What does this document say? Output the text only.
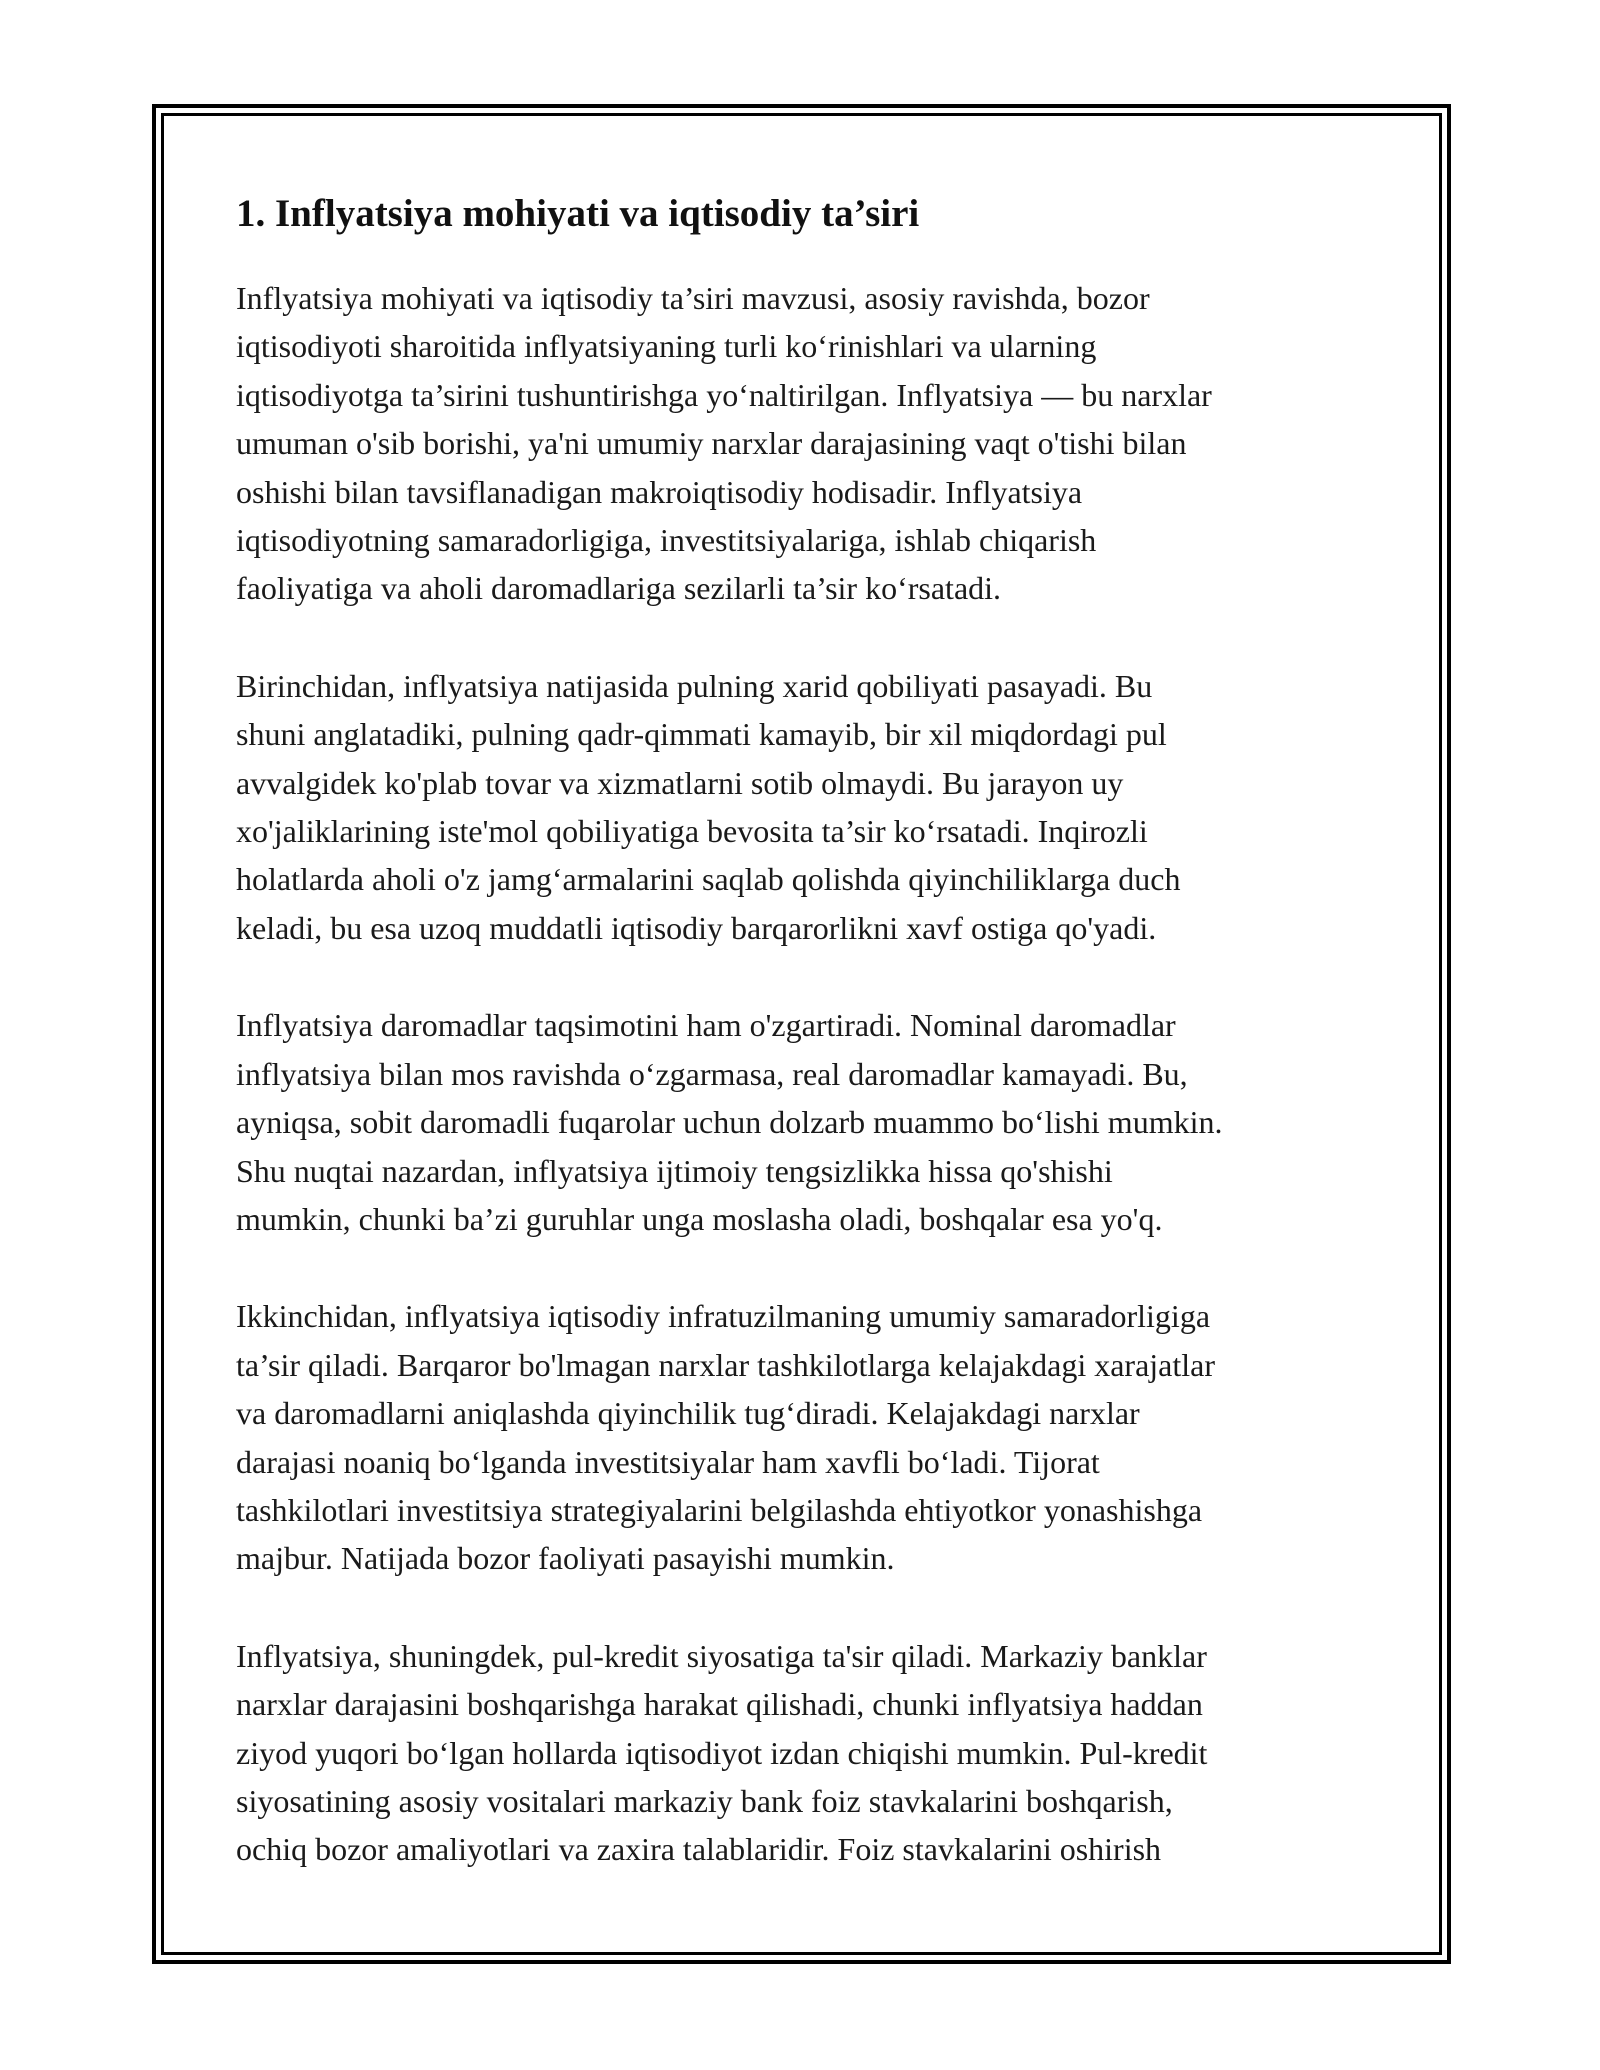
1. Inflyatsiya mohiyati va iqtisodiy ta’siri

Inflyatsiya mohiyati va iqtisodiy ta’siri mavzusi, asosiy ravishda, bozor
iqtisodiyoti sharoitida inflyatsiyaning turli ko‘rinishlari va ularning
iqtisodiyotga ta’sirini tushuntirishga yo‘naltirilgan. Inflyatsiya — bu narxlar
umuman o'sib borishi, ya'ni umumiy narxlar darajasining vaqt o'tishi bilan
oshishi bilan tavsiflanadigan makroiqtisodiy hodisadir. Inflyatsiya
iqtisodiyotning samaradorligiga, investitsiyalariga, ishlab chiqarish
faoliyatiga va aholi daromadlariga sezilarli ta’sir ko‘rsatadi.

Birinchidan, inflyatsiya natijasida pulning xarid qobiliyati pasayadi. Bu
shuni anglatadiki, pulning qadr-qimmati kamayib, bir xil miqdordagi pul
avvalgidek ko'plab tovar va xizmatlarni sotib olmaydi. Bu jarayon uy
xo'jaliklarining iste'mol qobiliyatiga bevosita ta’sir ko‘rsatadi. Inqirozli
holatlarda aholi o'z jamg‘armalarini saqlab qolishda qiyinchiliklarga duch
keladi, bu esa uzoq muddatli iqtisodiy barqarorlikni xavf ostiga qo'yadi.

Inflyatsiya daromadlar taqsimotini ham o'zgartiradi. Nominal daromadlar
inflyatsiya bilan mos ravishda o‘zgarmasa, real daromadlar kamayadi. Bu,
ayniqsa, sobit daromadli fuqarolar uchun dolzarb muammo bo‘lishi mumkin.
Shu nuqtai nazardan, inflyatsiya ijtimoiy tengsizlikka hissa qo'shishi
mumkin, chunki ba’zi guruhlar unga moslasha oladi, boshqalar esa yo'q.

Ikkinchidan, inflyatsiya iqtisodiy infratuzilmaning umumiy samaradorligiga
ta’sir qiladi. Barqaror bo'lmagan narxlar tashkilotlarga kelajakdagi xarajatlar
va daromadlarni aniqlashda qiyinchilik tug‘diradi. Kelajakdagi narxlar
darajasi noaniq bo‘lganda investitsiyalar ham xavfli bo‘ladi. Tijorat
tashkilotlari investitsiya strategiyalarini belgilashda ehtiyotkor yonashishga
majbur. Natijada bozor faoliyati pasayishi mumkin.

Inflyatsiya, shuningdek, pul-kredit siyosatiga ta'sir qiladi. Markaziy banklar
narxlar darajasini boshqarishga harakat qilishadi, chunki inflyatsiya haddan
ziyod yuqori bo‘lgan hollarda iqtisodiyot izdan chiqishi mumkin. Pul-kredit
siyosatining asosiy vositalari markaziy bank foiz stavkalarini boshqarish,
ochiq bozor amaliyotlari va zaxira talablaridir. Foiz stavkalarini oshirish
